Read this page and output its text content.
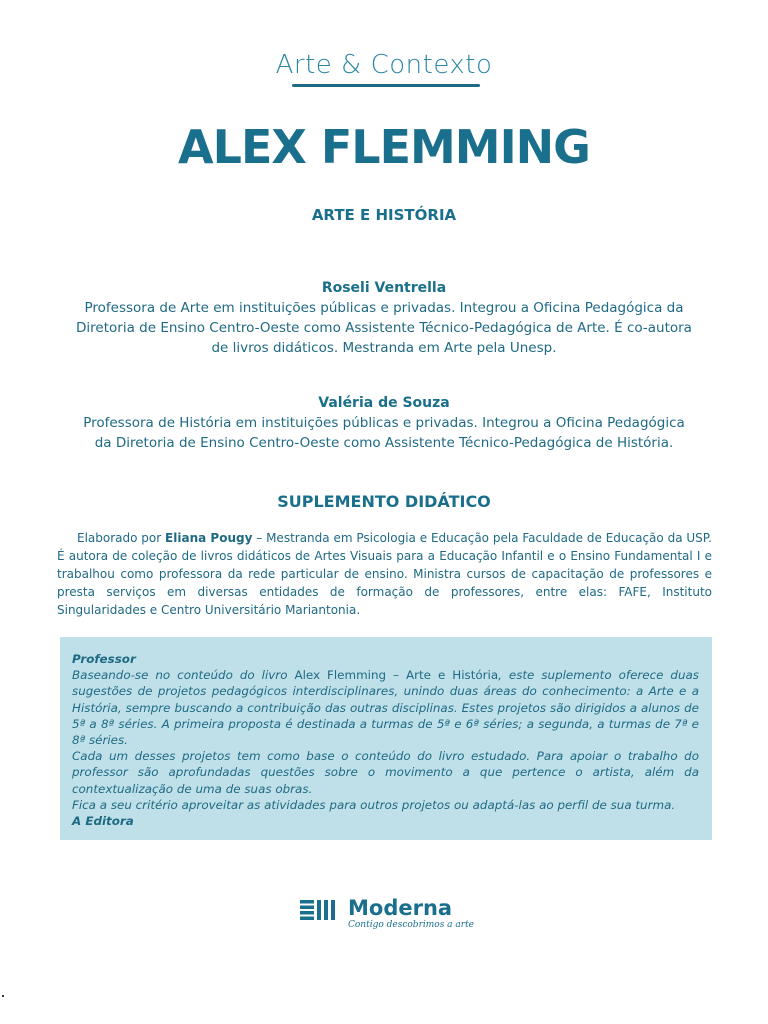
Arte & Contexto
ALEX FLEMMING
ARTE E HISTÓRIA
Roseli Ventrella
Professora de Arte em instituições públicas e privadas. Integrou a Oficina Pedagógica da
Diretoria de Ensino Centro-Oeste como Assistente Técnico-Pedagógica de Arte. É co-autora
de livros didáticos. Mestranda em Arte pela Unesp.
Valéria de Souza
Professora de História em instituições públicas e privadas. Integrou a Oficina Pedagógica
da Diretoria de Ensino Centro-Oeste como Assistente Técnico-Pedagógica de História.
SUPLEMENTO DIDÁTICO
Elaborado por Eliana Pougy – Mestranda em Psicologia e Educação pela Faculdade de Educação da USP. É autora de coleção de livros didáticos de Artes Visuais para a Educação Infantil e o Ensino Fundamental I e trabalhou como professora da rede particular de ensino. Ministra cursos de capacitação de professores e presta serviços em diversas entidades de formação de professores, entre elas: FAFE, Instituto Singularidades e Centro Universitário Mariantonia.

Professor

Baseando-se no conteúdo do livro Alex Flemming – Arte e História, este suplemento oferece duas sugestões de projetos pedagógicos interdisciplinares, unindo duas áreas do conhecimento: a Arte e a História, sempre buscando a contribuição das outras disciplinas. Estes projetos são dirigidos a alunos de 5ª a 8ª séries. A primeira proposta é destinada a turmas de 5ª e 6ª séries; a segunda, a turmas de 7ª e 8ª séries.

Cada um desses projetos tem como base o conteúdo do livro estudado. Para apoiar o trabalho do professor são aprofundadas questões sobre o movimento a que pertence o artista, além da contextualização de uma de suas obras.

Fica a seu critério aproveitar as atividades para outros projetos ou adaptá-las ao perfil de sua turma.

A Editora

Moderna
Contigo descobrimos a arte
